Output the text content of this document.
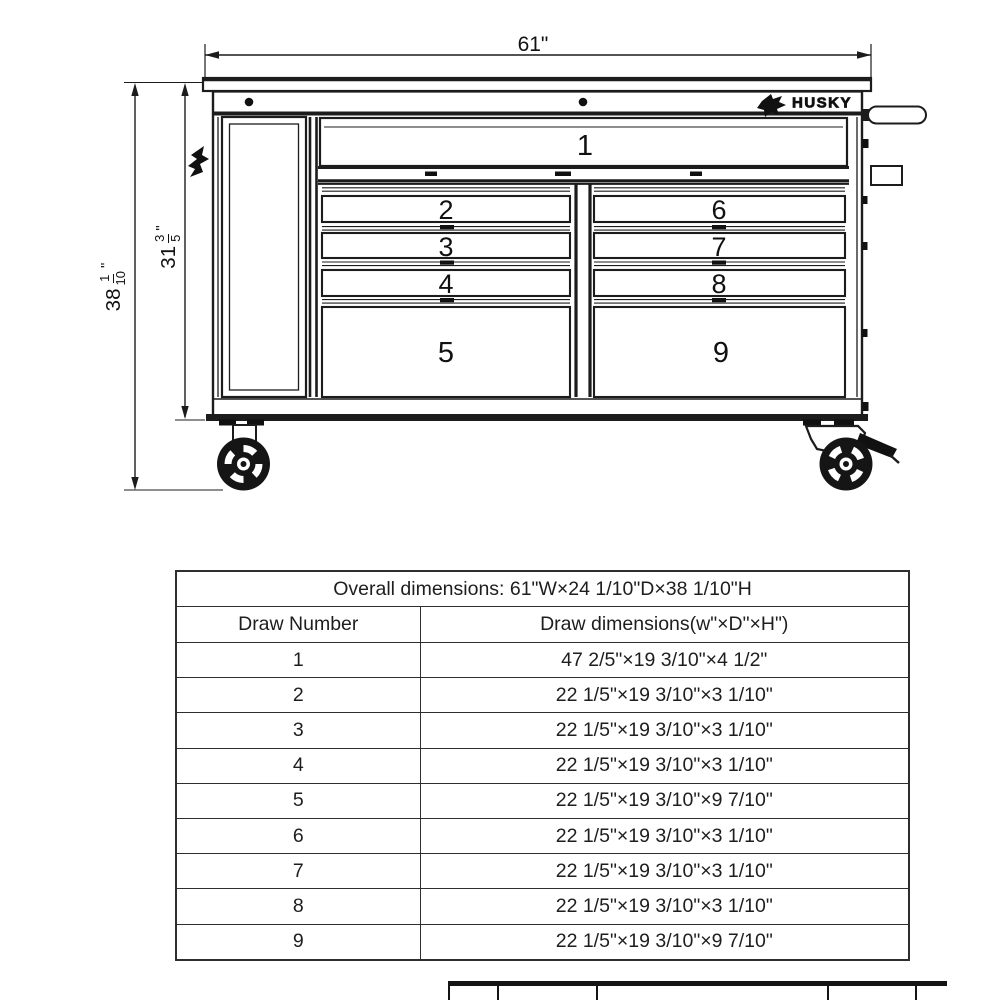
61"
HUSKY
1
2
3
4
5
6
7
8
9
38
1 10
" 31
3 5
"
Overall dimensions: 61"W×24 1/10"D×38 1/10"H	
Draw Number	Draw dimensions(w"×D"×H")
1	47 2/5"×19 3/10"×4 1/2"
2	22 1/5"×19 3/10"×3 1/10"
3	22 1/5"×19 3/10"×3 1/10"
4	22 1/5"×19 3/10"×3 1/10"
5	22 1/5"×19 3/10"×9 7/10"
6	22 1/5"×19 3/10"×3 1/10"
7	22 1/5"×19 3/10"×3 1/10"
8	22 1/5"×19 3/10"×3 1/10"
9	22 1/5"×19 3/10"×9 7/10"
